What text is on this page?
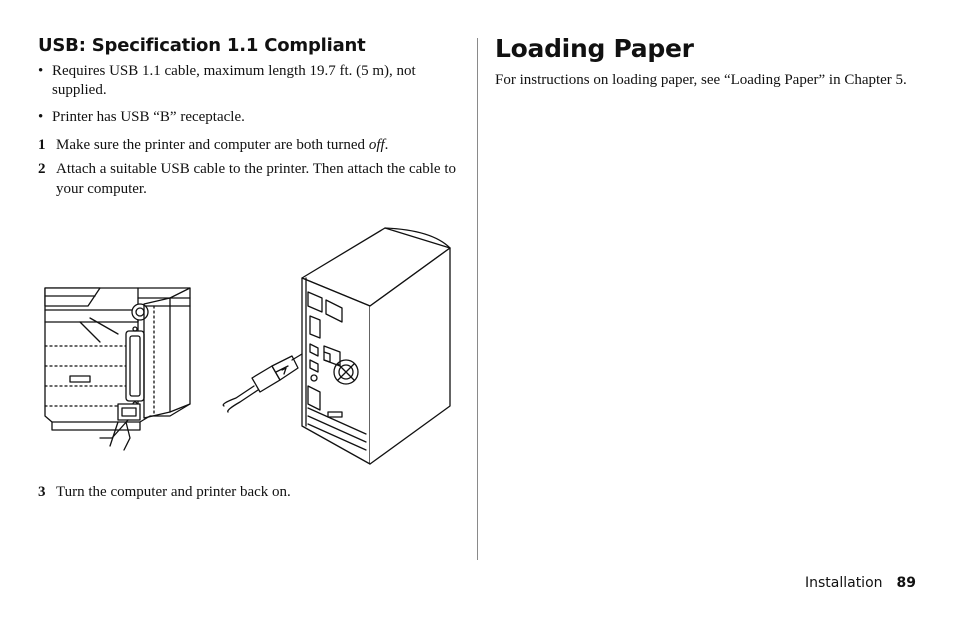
USB: Specification 1.1 Compliant
• Requires USB 1.1 cable, maximum length 19.7 ft. (5 m), not supplied.
• Printer has USB “B” receptacle.
1 Make sure the printer and computer are both turned off.
2 Attach a suitable USB cable to the printer. Then attach the cable to your computer.
3 Turn the computer and printer back on.
Loading Paper

For instructions on loading paper, see “Loading Paper” in Chapter 5.

Installation 89
